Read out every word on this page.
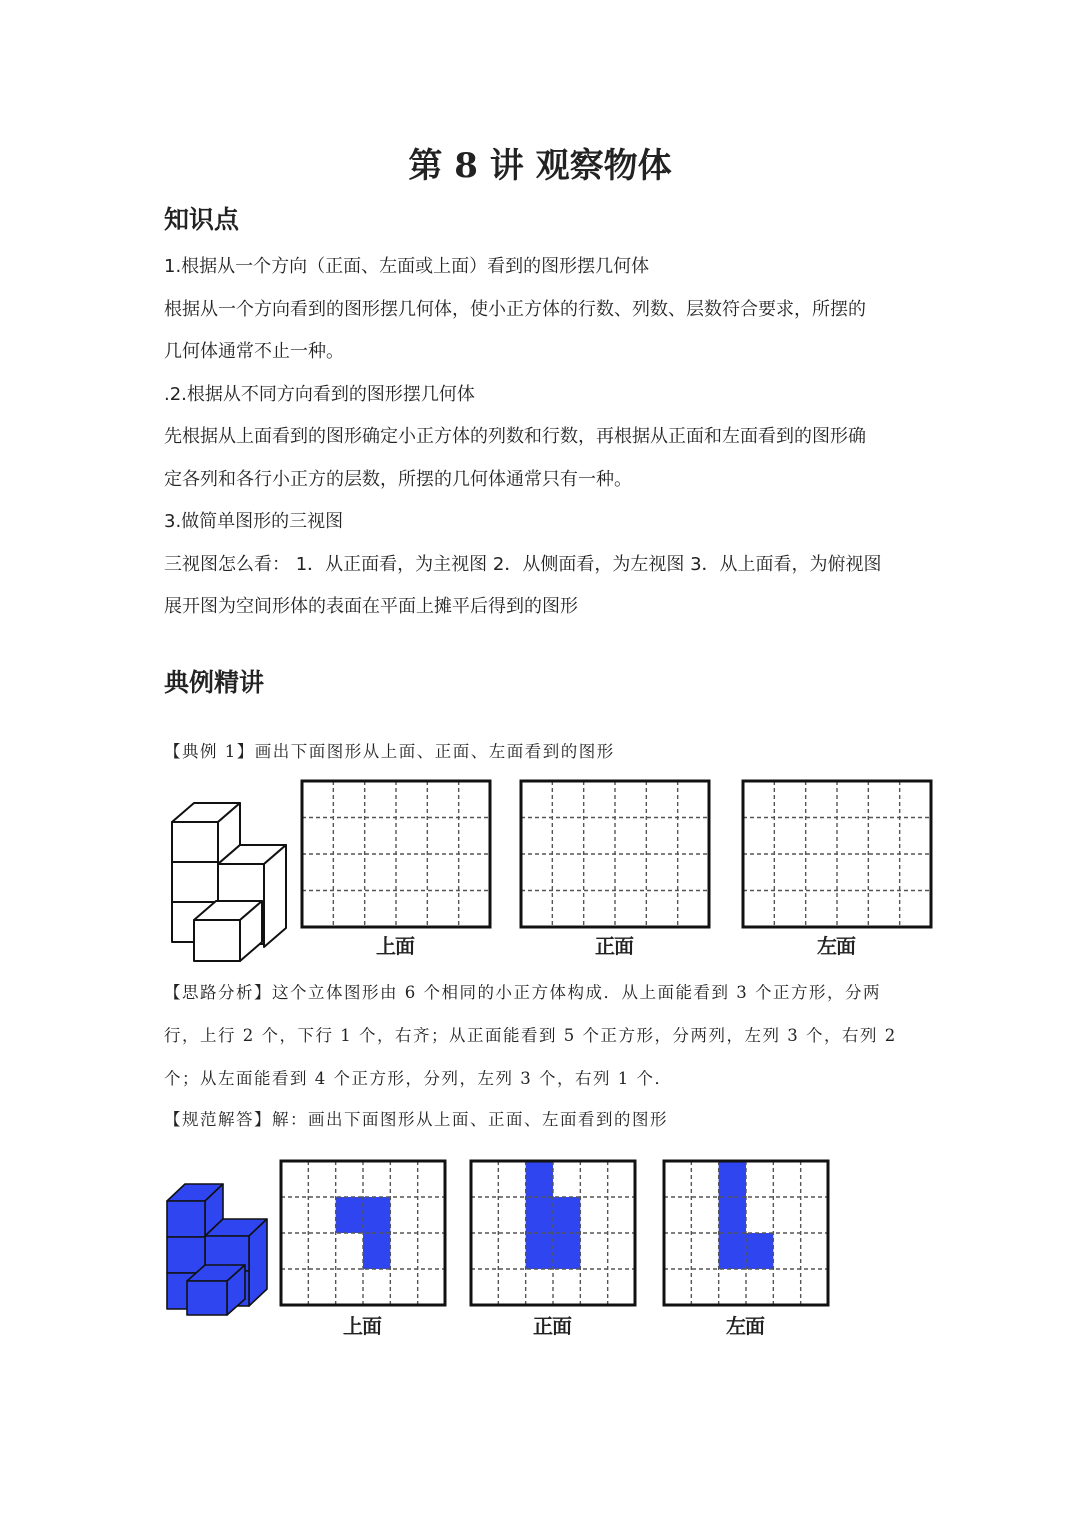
第 8 讲 观察物体
知识点
1.根据从一个方向（正面、左面或上面）看到的图形摆几何体
根据从一个方向看到的图形摆几何体，使小正方体的行数、列数、层数符合要求，所摆的
几何体通常不止一种。
.2.根据从不同方向看到的图形摆几何体
先根据从上面看到的图形确定小正方体的列数和行数，再根据从正面和左面看到的图形确
定各列和各行小正方的层数，所摆的几何体通常只有一种。
3.做简单图形的三视图
三视图怎么看： 1．从正面看，为主视图 2．从侧面看，为左视图 3．从上面看，为俯视图
展开图为空间形体的表面在平面上摊平后得到的图形
典例精讲
【典例 1】画出下面图形从上面、正面、左面看到的图形
上面	正面	左面
【思路分析】这个立体图形由 6 个相同的小正方体构成．从上面能看到 3 个正方形，分两
行，上行 2 个，下行 1 个，右齐；从正面能看到 5 个正方形，分两列，左列 3 个，右列 2
个；从左面能看到 4 个正方形，分列，左列 3 个，右列 1 个．
【规范解答】解：画出下面图形从上面、正面、左面看到的图形
上面	正面	左面
